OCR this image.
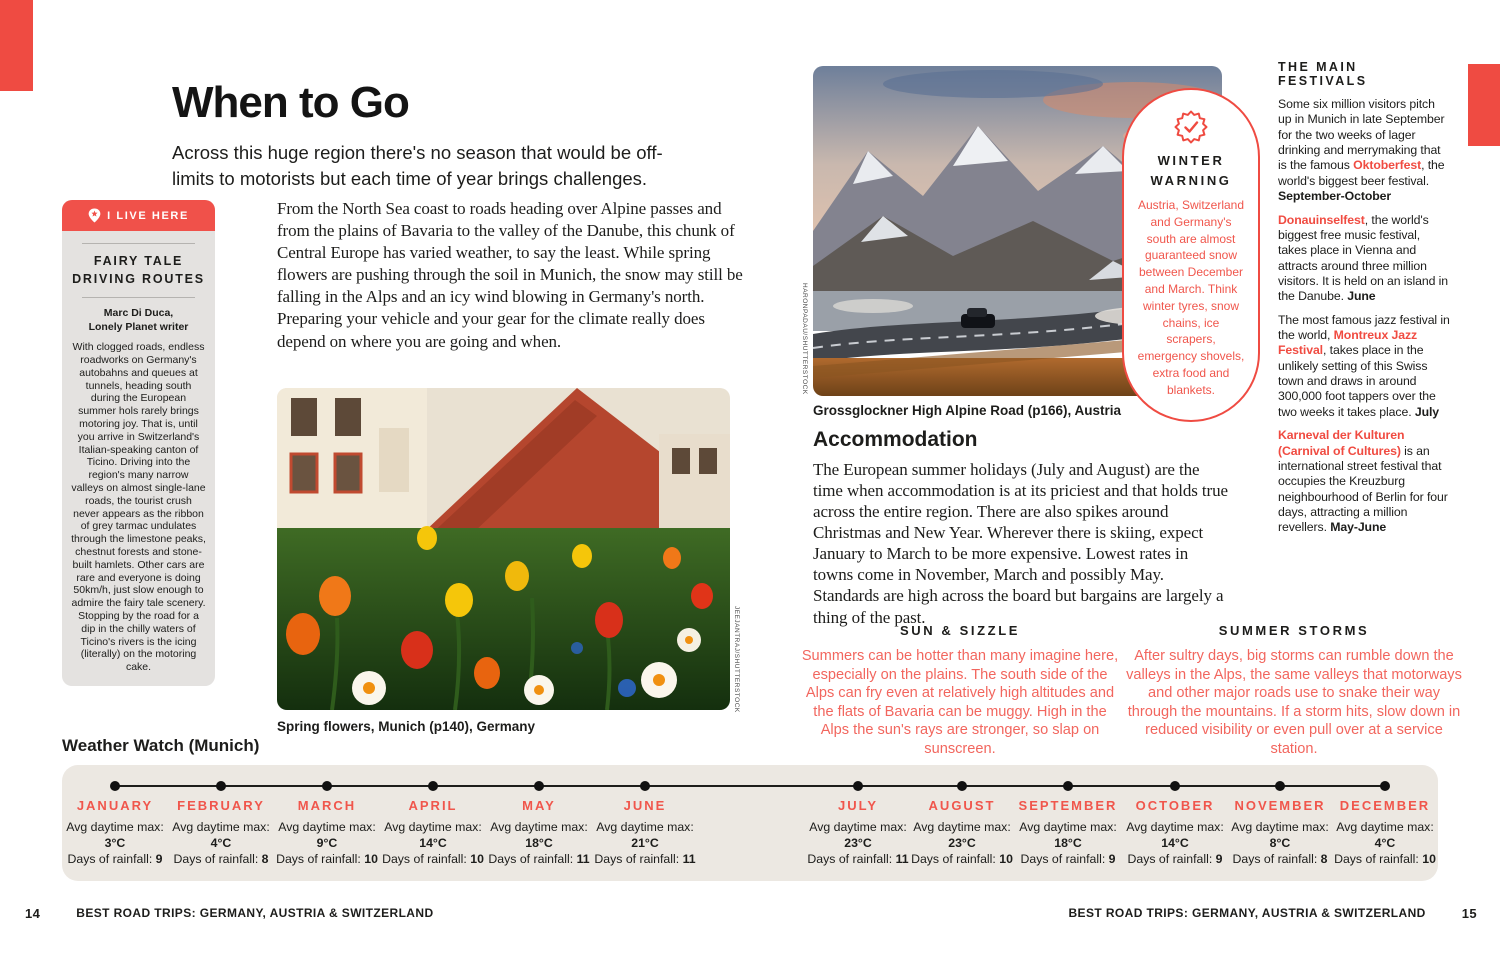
When to Go

Across this huge region there's no season that would be off-limits to motorists but each time of year brings challenges.

I LIVE HERE
FAIRY TALE DRIVING ROUTES
Marc Di Duca,
Lonely Planet writer

With clogged roads, endless roadworks on Germany's autobahns and queues at tunnels, heading south during the European summer hols rarely brings motoring joy. That is, until you arrive in Switzerland's Italian-speaking canton of Ticino. Driving into the region's many narrow valleys on almost single-lane roads, the tourist crush never appears as the ribbon of grey tarmac undulates through the limestone peaks, chestnut forests and stone-built hamlets. Other cars are rare and everyone is doing 50km/h, just slow enough to admire the fairy tale scenery. Stopping by the road for a dip in the chilly waters of Ticino's rivers is the icing (literally) on the motoring cake.

From the North Sea coast to roads heading over Alpine passes and from the plains of Bavaria to the valley of the Danube, this chunk of Central Europe has varied weather, to say the least. While spring flowers are pushing through the soil in Munich, the snow may still be falling in the Alps and an icy wind blowing in Germany's north. Preparing your vehicle and your gear for the climate really does depend on where you are going and when.

JEEJANTRAJ/SHUTTERSTOCK
Spring flowers, Munich (p140), Germany
HARONPADAU/SHUTTERSTOCK
Grossglockner High Alpine Road (p166), Austria
WINTER WARNING

Austria, Switzerland and Germany's south are almost guaranteed snow between December and March. Think winter tyres, snow chains, ice scrapers, emergency shovels, extra food and blankets.

Accommodation

The European summer holidays (July and August) are the time when accommodation is at its priciest and that holds true across the entire region. There are also spikes around Christmas and New Year. Wherever there is skiing, expect January to March to be more expensive. Lowest rates in towns come in November, March and possibly May. Standards are high across the board but bargains are largely a thing of the past.

SUN & SIZZLE

Summers can be hotter than many imagine here, especially on the plains. The south side of the Alps can fry even at relatively high altitudes and the flats of Bavaria can be muggy. High in the Alps the sun's rays are stronger, so slap on sunscreen.

SUMMER STORMS

After sultry days, big storms can rumble down the valleys in the Alps, the same valleys that motorways and other major roads use to snake their way through the mountains. If a storm hits, slow down in reduced visibility or even pull over at a service station.

THE MAIN FESTIVALS

Some six million visitors pitch up in Munich in late September for the two weeks of lager drinking and merrymaking that is the famous Oktoberfest, the world's biggest beer festival. September-October

Donauinselfest, the world's biggest free music festival, takes place in Vienna and attracts around three million visitors. It is held on an island in the Danube. June

The most famous jazz festival in the world, Montreux Jazz Festival, takes place in the unlikely setting of this Swiss town and draws in around 300,000 foot tappers over the two weeks it takes place. July

Karneval der Kulturen (Carnival of Cultures) is an international street festival that occupies the Kreuzburg neighbourhood of Berlin for four days, attracting a million revellers. May-June

Weather Watch (Munich)
JANUARY
Avg daytime max:
3°C
Days of rainfall: 9
FEBRUARY
Avg daytime max:
4°C
Days of rainfall: 8
MARCH
Avg daytime max:
9°C
Days of rainfall: 10
APRIL
Avg daytime max:
14°C
Days of rainfall: 10
MAY
Avg daytime max:
18°C
Days of rainfall: 11
JUNE
Avg daytime max:
21°C
Days of rainfall: 11
JULY
Avg daytime max:
23°C
Days of rainfall: 11
AUGUST
Avg daytime max:
23°C
Days of rainfall: 10
SEPTEMBER
Avg daytime max:
18°C
Days of rainfall: 9
OCTOBER
Avg daytime max:
14°C
Days of rainfall: 9
NOVEMBER
Avg daytime max:
8°C
Days of rainfall: 8
DECEMBER
Avg daytime max:
4°C
Days of rainfall: 10
14	BEST ROAD TRIPS: GERMANY, AUSTRIA & SWITZERLAND	BEST ROAD TRIPS: GERMANY, AUSTRIA & SWITZERLAND	15
